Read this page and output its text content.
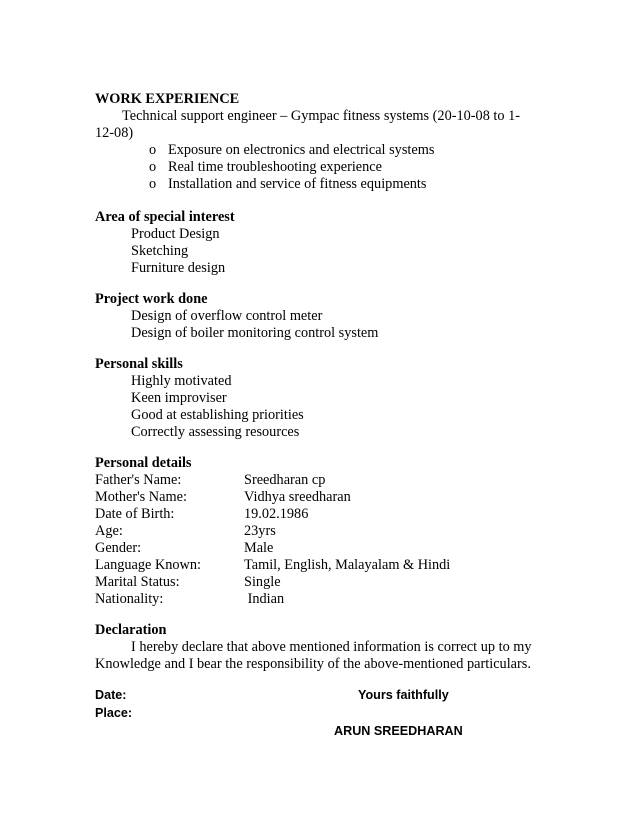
WORK EXPERIENCE
Technical support engineer – Gympac fitness systems (20-10-08 to 1-
12-08)
o Exposure on electronics and electrical systems
o Real time troubleshooting experience
o Installation and service of fitness equipments
Area of special interest
Product Design
Sketching
Furniture design
Project work done
Design of overflow control meter
Design of boiler monitoring control system
Personal skills
Highly motivated
Keen improviser
Good at establishing priorities
Correctly assessing resources
Personal details
Father's Name:	Sreedharan cp
Mother's Name:	Vidhya sreedharan
Date of Birth:	19.02.1986
Age:	23yrs
Gender:	Male
Language Known:	Tamil, English, Malayalam & Hindi
Marital Status:	Single
Nationality:	Indian
Declaration
I hereby declare that above mentioned information is correct up to my
Knowledge and I bear the responsibility of the above-mentioned particulars.
Date:	Yours faithfully
Place:
ARUN SREEDHARAN
